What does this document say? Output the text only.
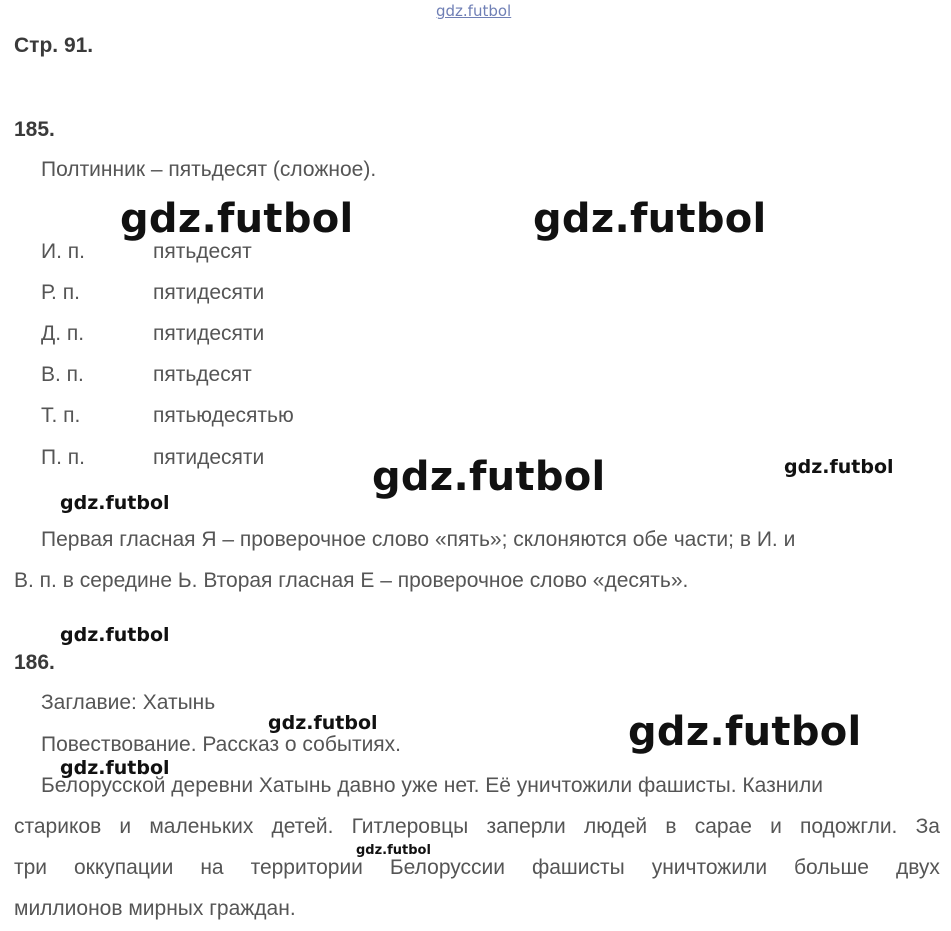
gdz.futbol
Стр. 91.
185.
Полтинник – пятьдесят (сложное).
И. п.	пятьдесят
Р. п.	пятидесяти
Д. п.	пятидесяти
В. п.	пятьдесят
Т. п.	пятьюдесятью
П. п.	пятидесяти
Первая гласная Я – проверочное слово «пять»; склоняются обе части; в И. и
В. п. в середине Ь. Вторая гласная Е – проверочное слово «десять».
186.
Заглавие: Хатынь
Повествование. Рассказ о событиях.
Белорусской деревни Хатынь давно уже нет. Её уничтожили фашисты. Казнили
стариков и маленьких детей. Гитлеровцы заперли людей в сарае и подожгли. За
три оккупации на территории Белоруссии фашисты уничтожили больше двух
миллионов мирных граждан.
gdz.futbol	gdz.futbol
gdz.futbol	gdz.futbol
gdz.futbol
gdz.futbol
gdz.futbol	gdz.futbol
gdz.futbol
gdz.futbol
